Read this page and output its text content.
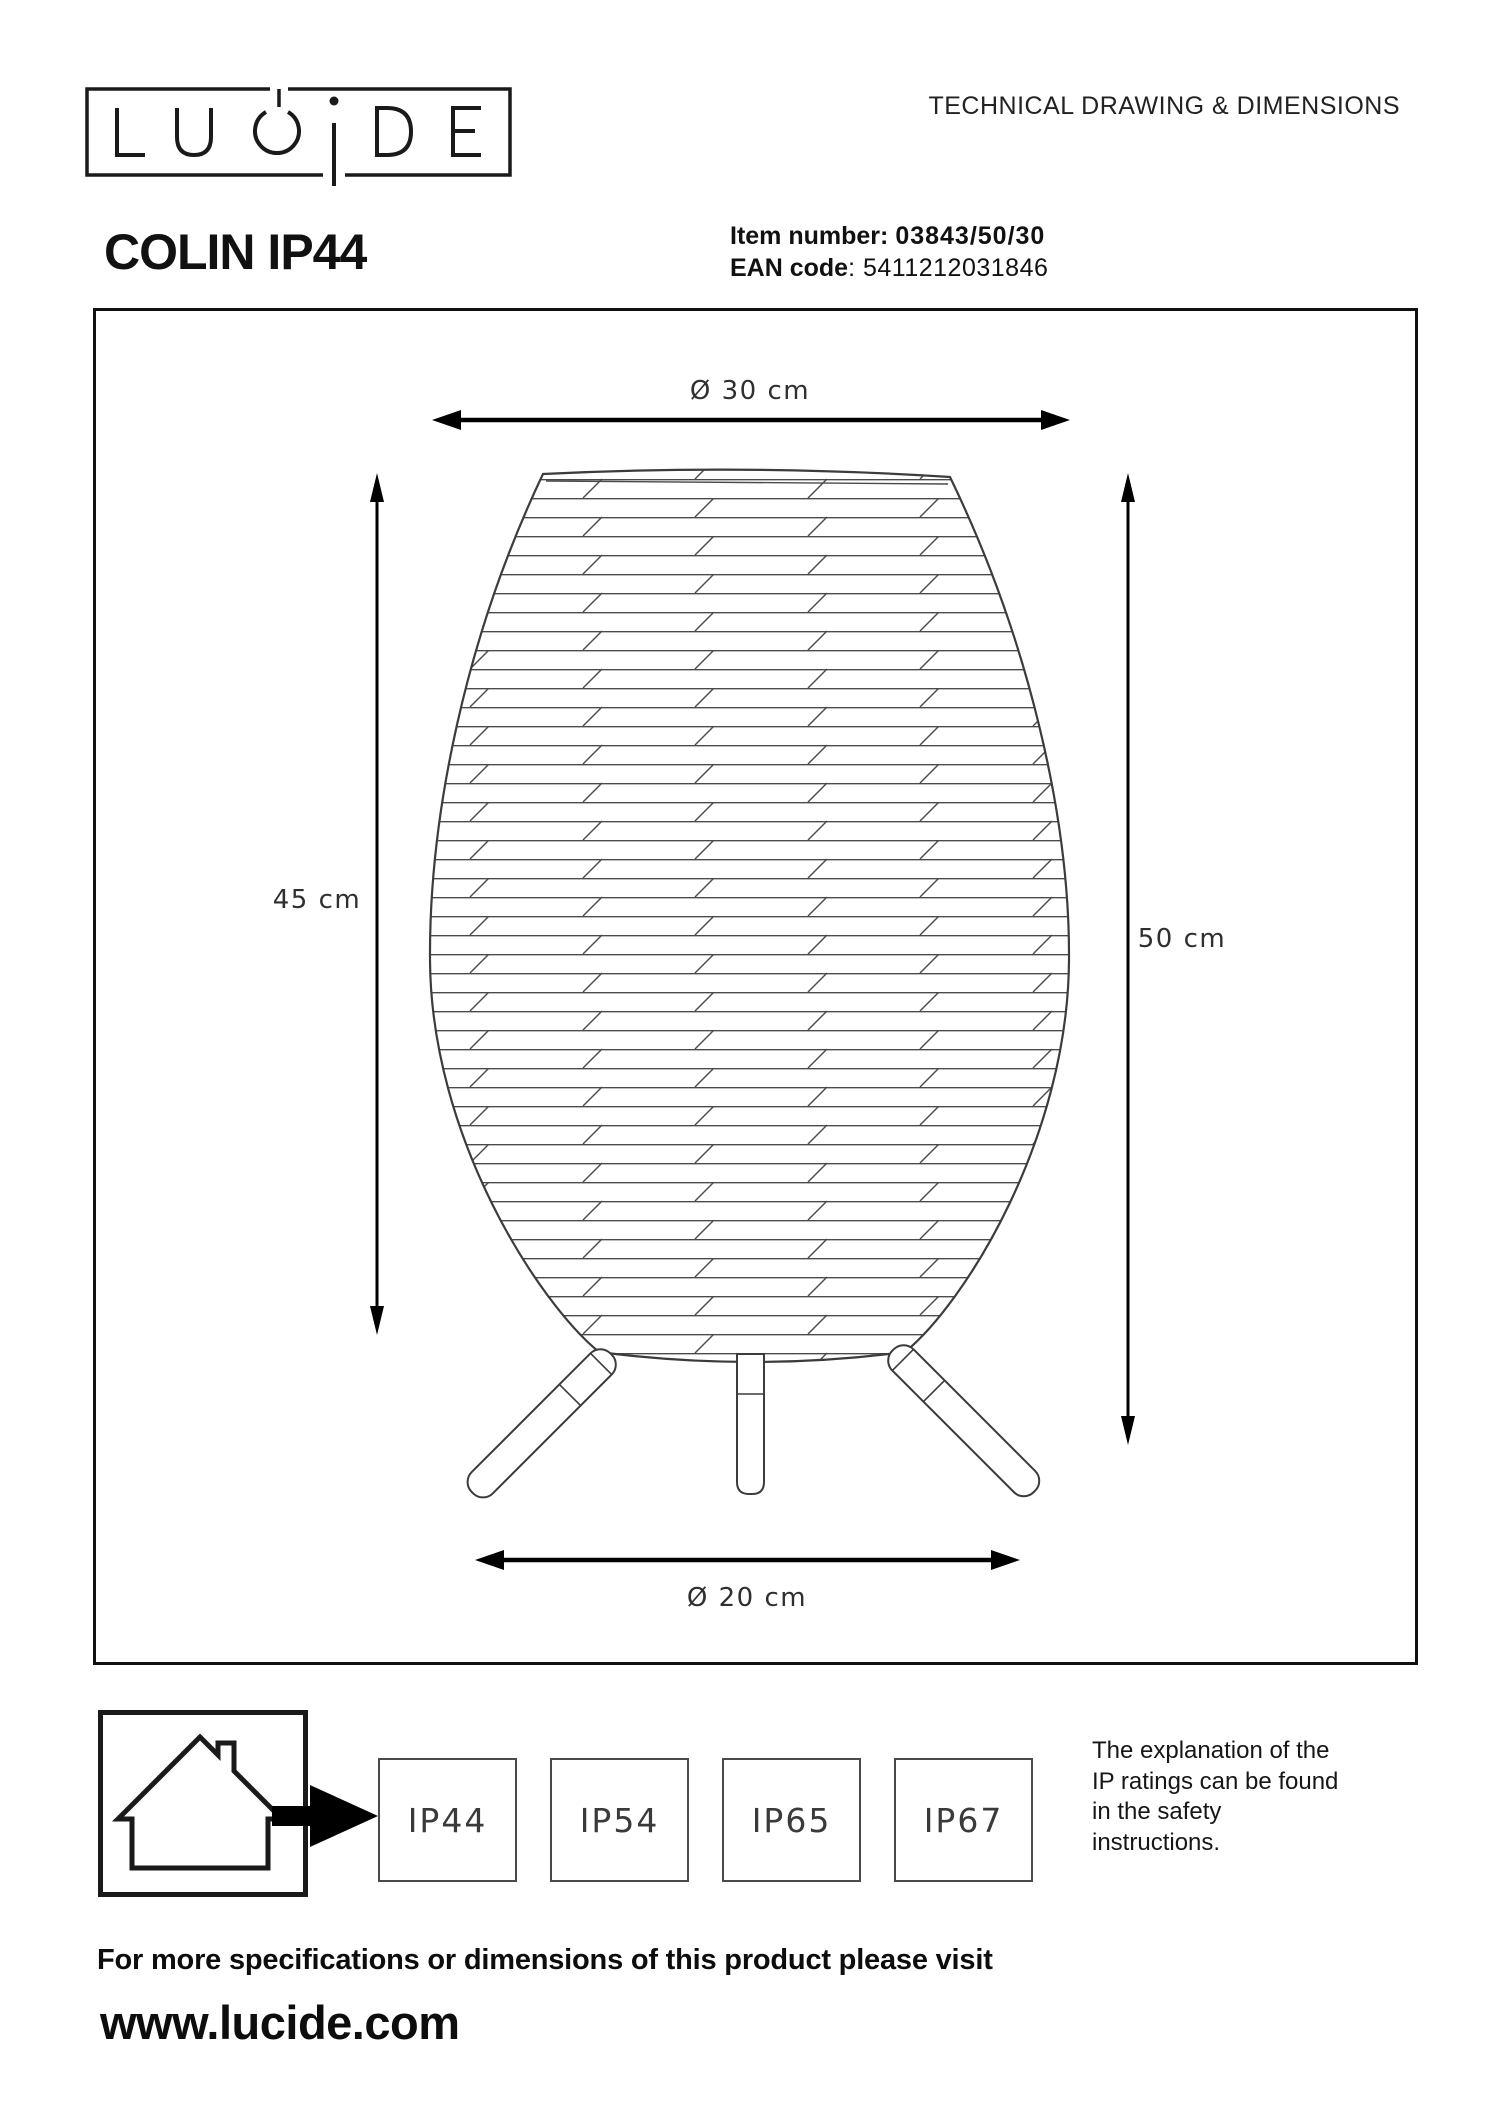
TECHNICAL DRAWING & DIMENSIONS
COLIN IP44	Item number: 03843/50/30
EAN code: 5411212031846
Ø 30 cm
45 cm
50 cm
Ø 20 cm
IP44	IP54	IP65	IP67
The explanation of the
IP ratings can be found
in the safety
instructions.
For more specifications or dimensions of this product please visit
www.lucide.com
